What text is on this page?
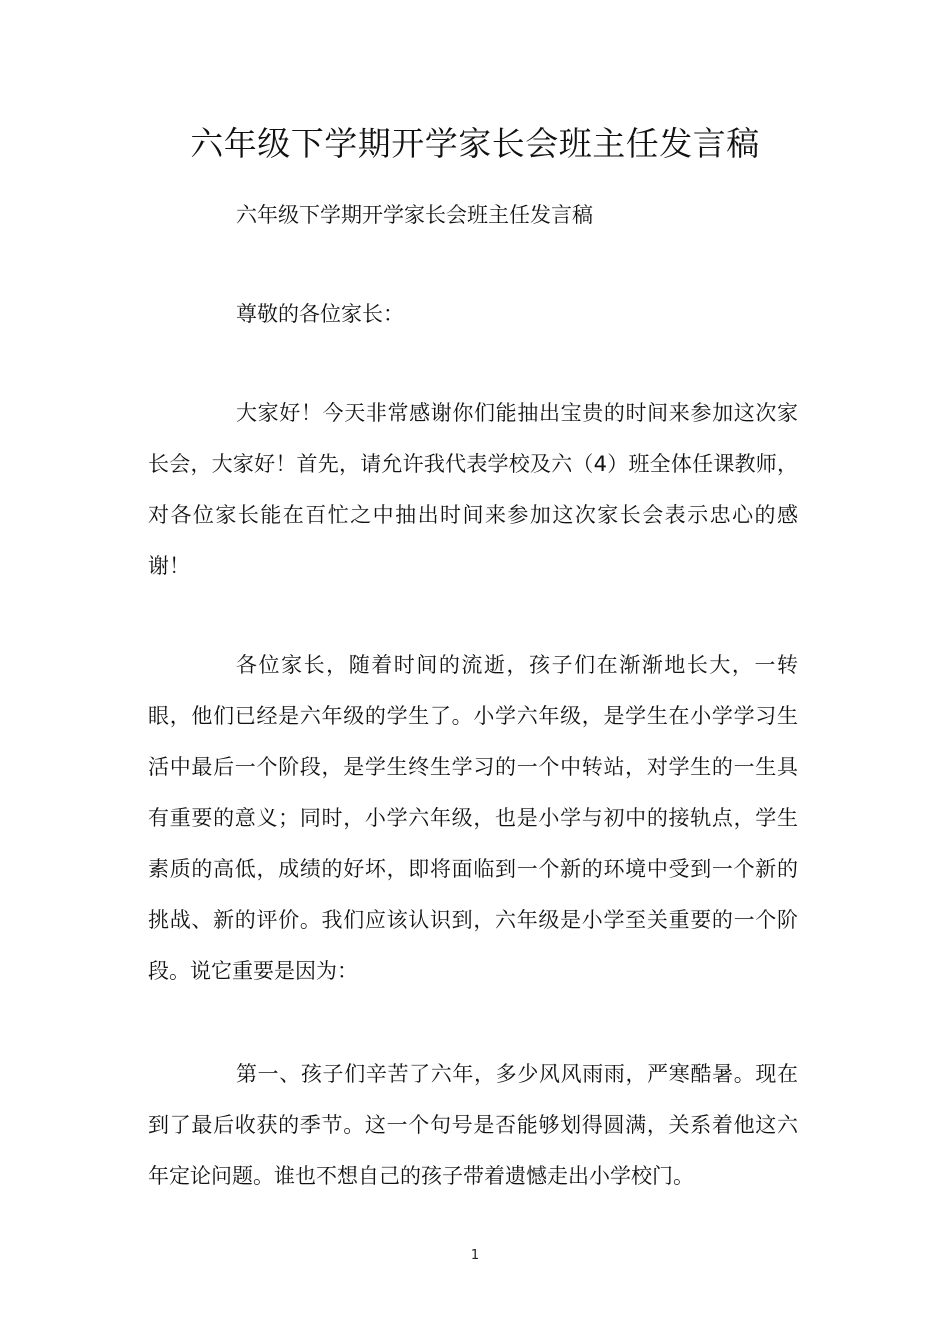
六年级下学期开学家长会班主任发言稿

六年级下学期开学家长会班主任发言稿

尊敬的各位家长：

大家好！今天非常感谢你们能抽出宝贵的时间来参加这次家长会，大家好！首先，请允许我代表学校及六（4）班全体任课教师，对各位家长能在百忙之中抽出时间来参加这次家长会表示忠心的感谢！

各位家长，随着时间的流逝，孩子们在渐渐地长大，一转眼，他们已经是六年级的学生了。小学六年级，是学生在小学学习生活中最后一个阶段，是学生终生学习的一个中转站，对学生的一生具有重要的意义；同时，小学六年级，也是小学与初中的接轨点，学生素质的高低，成绩的好坏，即将面临到一个新的环境中受到一个新的挑战、新的评价。我们应该认识到，六年级是小学至关重要的一个阶段。说它重要是因为：

第一、孩子们辛苦了六年，多少风风雨雨，严寒酷暑。现在到了最后收获的季节。这一个句号是否能够划得圆满，关系着他这六年定论问题。谁也不想自己的孩子带着遗憾走出小学校门。

1
